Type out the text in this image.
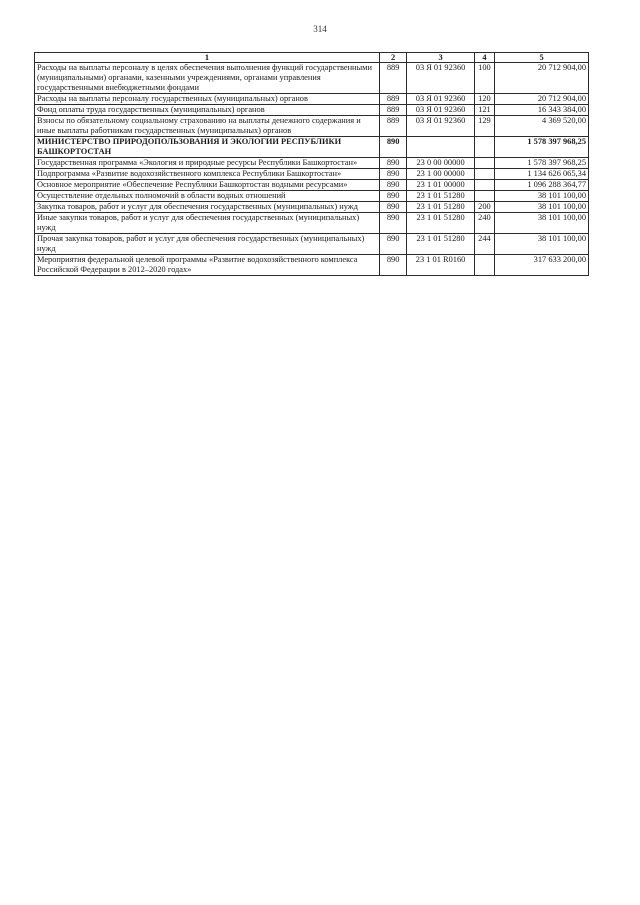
314
1	2	3	4	5
Расходы на выплаты персоналу в целях обеспечения выполнения функций государственными (муниципальными) органами, казенными учреждениями, органами управления государственными внебюджетными фондами	889	03 Я 01 92360	100	20 712 904,00
Расходы на выплаты персоналу государственных (муниципальных) органов	889	03 Я 01 92360	120	20 712 904,00
Фонд оплаты труда государственных (муниципальных) органов	889	03 Я 01 92360	121	16 343 384,00
Взносы по обязательному социальному страхованию на выплаты денежного содержания и иные выплаты работникам государственных (муниципальных) органов	889	03 Я 01 92360	129	4 369 520,00
МИНИСТЕРСТВО ПРИРОДОПОЛЬЗОВАНИЯ И ЭКОЛОГИИ РЕСПУБЛИКИ БАШКОРТОСТАН	890			1 578 397 968,25
Государственная программа «Экология и природные ресурсы Республики Башкортостан»	890	23 0 00 00000		1 578 397 968,25
Подпрограмма «Развитие водохозяйственного комплекса Республики Башкортостан»	890	23 1 00 00000		1 134 626 065,34
Основное мероприятие «Обеспечение Республики Башкортостан водными ресурсами»	890	23 1 01 00000		1 096 288 364,77
Осуществление отдельных полномочий в области водных отношений	890	23 1 01 51280		38 101 100,00
Закупка товаров, работ и услуг для обеспечения государственных (муниципальных) нужд	890	23 1 01 51280	200	38 101 100,00
Иные закупки товаров, работ и услуг для обеспечения государственных (муниципальных) нужд	890	23 1 01 51280	240	38 101 100,00
Прочая закупка товаров, работ и услуг для обеспечения государственных (муниципальных) нужд	890	23 1 01 51280	244	38 101 100,00
Мероприятия федеральной целевой программы «Развитие водохозяйственного комплекса Российской Федерации в 2012–2020 годах»	890	23 1 01 R0160		317 633 200,00
